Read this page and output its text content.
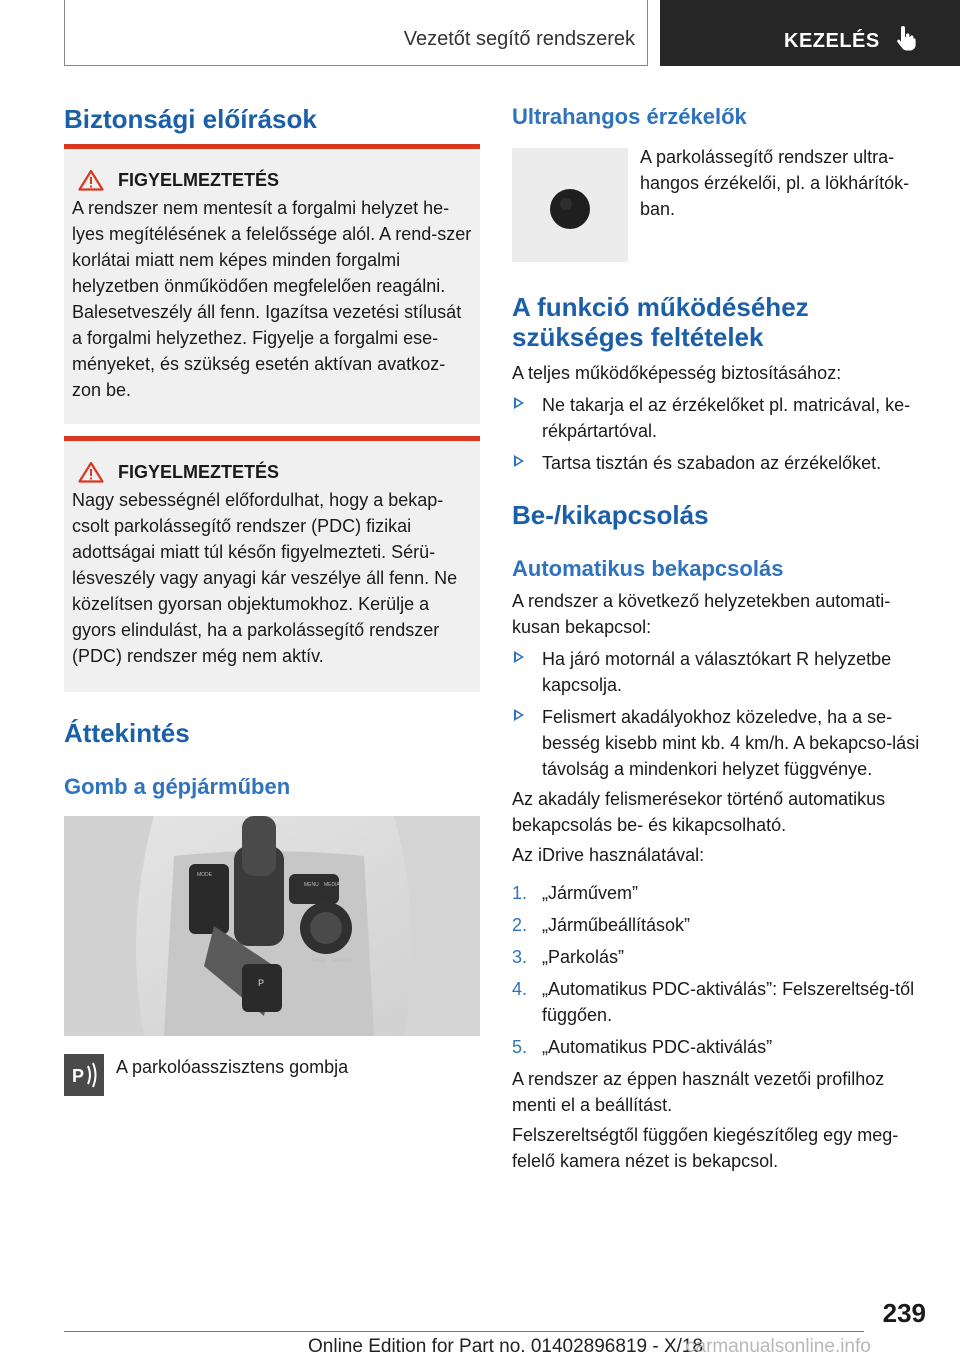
Vezetőt segítő rendszerek	KEZELÉS
Biztonsági előírások
FIGYELMEZTETÉS

A rendszer nem mentesít a forgalmi helyzet he-lyes megítélésének a felelőssége alól. A rend-szer korlátai miatt nem képes minden forgalmi helyzetben önműködően megfelelően reagálni. Balesetveszély áll fenn. Igazítsa vezetési stílusát a forgalmi helyzethez. Figyelje a forgalmi ese-ményeket, és szükség esetén aktívan avatkoz-zon be.

FIGYELMEZTETÉS

Nagy sebességnél előfordulhat, hogy a bekap-csolt parkolássegítő rendszer (PDC) fizikai adottságai miatt túl későn figyelmezteti. Sérü-lésveszély vagy anyagi kár veszélye áll fenn. Ne közelítsen gyorsan objektumokhoz. Kerülje a gyors elindulást, ha a parkolássegítő rendszer (PDC) rendszer még nem aktív.

Áttekintés
Gomb a gépjárműben
MENU MEDIA
BACK OPTION
P
MODE
P A parkolóasszisztens gombja

Ultrahangos érzékelők

A parkolássegítő rendszer ultra-hangos érzékelői, pl. a lökhárítók-ban.

A funkció működéséhez szükséges feltételek

A teljes működőképesség biztosításához:

Ne takarja el az érzékelőket pl. matricával, ke-rékpártartóval.
Tartsa tisztán és szabadon az érzékelőket.
Be-/kikapcsolás
Automatikus bekapcsolás

A rendszer a következő helyzetekben automati-kusan bekapcsol:

Ha járó motornál a választókart R helyzetbe kapcsolja.
Felismert akadályokhoz közeledve, ha a se-besség kisebb mint kb. 4 km/h. A bekapcso-lási távolság a mindenkori helyzet függvénye.

Az akadály felismerésekor történő automatikus bekapcsolás be- és kikapcsolható.

Az iDrive használatával:

1. „Járművem”
2. „Járműbeállítások”
3. „Parkolás”
4. „Automatikus PDC-aktiválás”: Felszereltség-től függően.
5. „Automatikus PDC-aktiválás”

A rendszer az éppen használt vezetői profilhoz menti el a beállítást.

Felszereltségtől függően kiegészítőleg egy meg-felelő kamera nézet is bekapcsol.

239
Online Edition for Part no. 01402896819 - X/18
carmanualsonline.info
